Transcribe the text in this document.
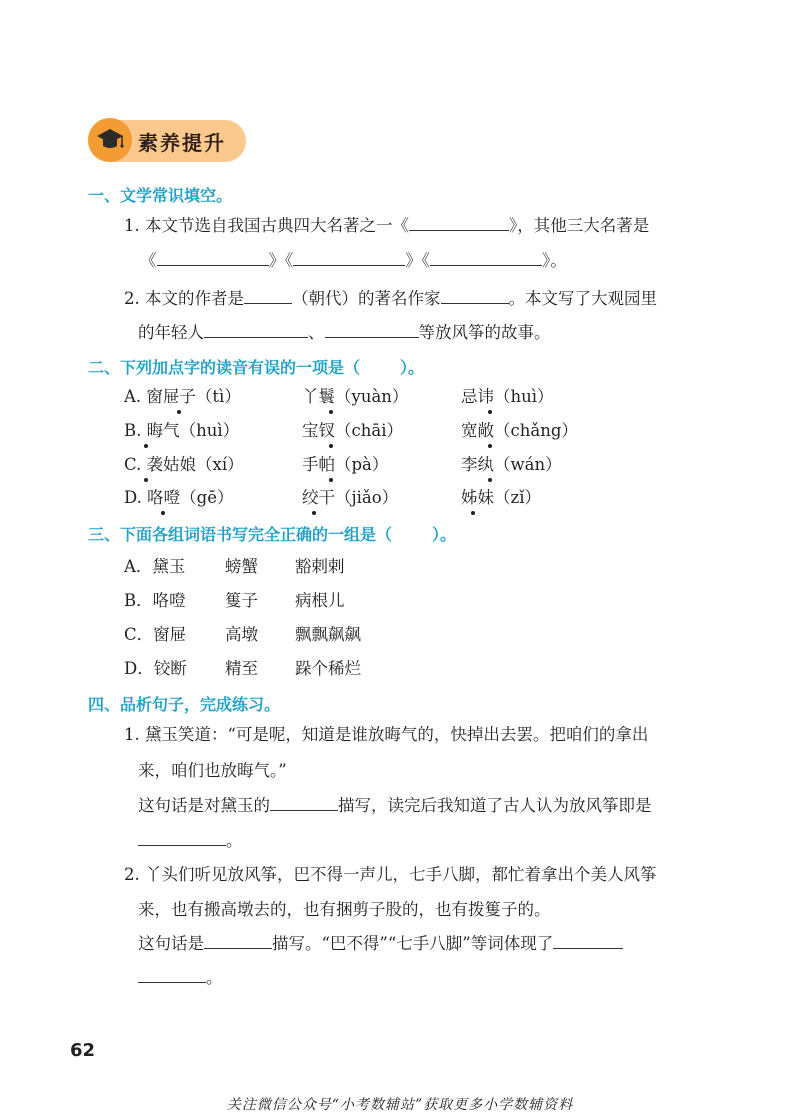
素养提升
一、文学常识填空。
1. 本文节选自我国古典四大名著之一《	》，其他三大名著是
《	》《	》《	》。
2. 本文的作者是	（朝代）的著名作家	。本文写了大观园里
的年轻人	、	等放风筝的故事。
二、下列加点字的读音有误的一项是（	）。
A. 窗屉子（tì）	丫鬟（yuàn）	忌讳（huì）
B. 晦气（huì）	宝钗（chāi）	宽敞（chǎng）
C. 袭姑娘（xí）	手帕（pà）	李纨（wán）
D. 咯噔（gē）	绞干（jiǎo）	姊妹（zǐ）
三、下面各组词语书写完全正确的一组是（	）。
A．黛玉 螃蟹 豁剌剌
B．咯噔 篗子 病根儿
C．窗屉 高墩 飘飘飙飙
D．铰断 精至 跺个稀烂
四、品析句子，完成练习。
1. 黛玉笑道：“可是呢，知道是谁放晦气的，快掉出去罢。把咱们的拿出
来，咱们也放晦气。”
这句话是对黛玉的	描写，读完后我知道了古人认为放风筝即是
。
2. 丫头们听见放风筝，巴不得一声儿，七手八脚，都忙着拿出个美人风筝
来，也有搬高墩去的，也有捆剪子股的，也有拨篗子的。
这句话是	描写。“巴不得”“七手八脚”等词体现了
。
62
关注微信公众号“小考数辅站”获取更多小学数辅资料
